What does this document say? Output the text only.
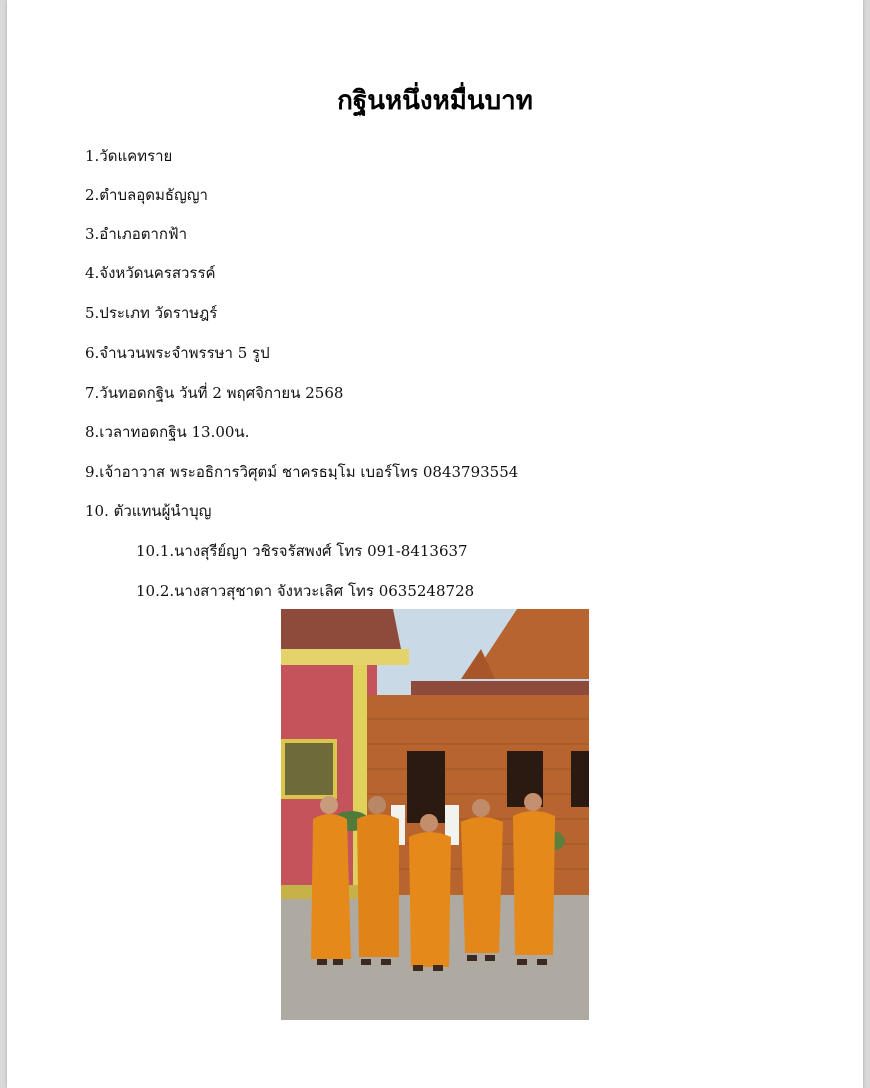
กฐินหนึ่งหมื่นบาท
1.วัดแคทราย
2.ตำบลอุดมธัญญา
3.อำเภอตากฟ้า
4.จังหวัดนครสวรรค์
5.ประเภท วัดราษฎร์
6.จำนวนพระจำพรรษา 5 รูป
7.วันทอดกฐิน วันที่ 2 พฤศจิกายน 2568
8.เวลาทอดกฐิน 13.00น.
9.เจ้าอาวาส พระอธิการวิศุตม์ ชาครธมฺโม เบอร์โทร 0843793554
10. ตัวแทนผู้นำบุญ
10.1.นางสุรีย์ญา วชิรจรัสพงศ์ โทร 091-8413637
10.2.นางสาวสุชาดา จังหวะเลิศ โทร 0635248728
